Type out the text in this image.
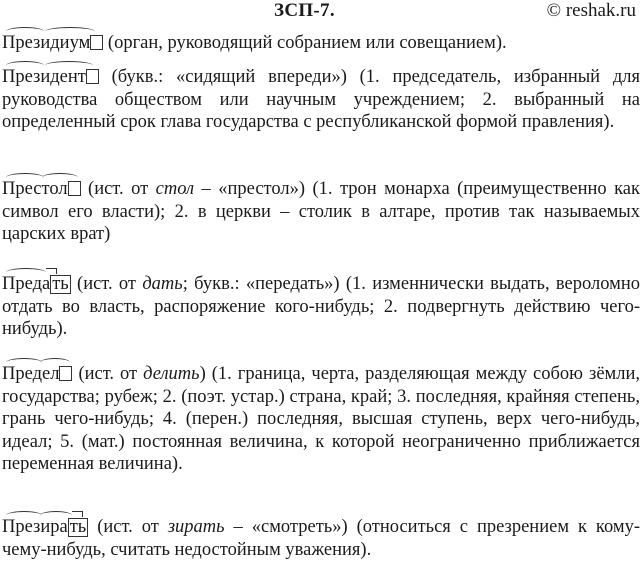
ЗСП-7.	© reshak.ru
Президиум (орган, руководящий собранием или совещанием).
Президент (букв.: «сидящий впереди») (1. председатель, избранный для руководства обществом или научным учреждением; 2. выбранный на определенный срок глава государства с республиканской формой правления).
Престол (ист. от стол – «престол») (1. трон монарха (преимущественно как символ его власти); 2. в церкви – столик в алтаре, против так называемых царских врат)
Преда ть (ист. от дать; букв.: «передать») (1. изменнически выдать, вероломно отдать во власть, распоряжение кого-нибудь; 2. подвергнуть действию чего-нибудь).
Предел (ист. от делить) (1. граница, черта, разделяющая между собою зёмли, государства; рубеж; 2. (поэт. устар.) страна, край; 3. последняя, крайняя степень, грань чего-нибудь; 4. (перен.) последняя, высшая ступень, верх чего-нибудь, идеал; 5. (мат.) постоянная величина, к которой неограниченно приближается переменная величина).
Презира ть (ист. от зирать – «смотреть») (относиться с презрением к кому-чему-нибудь, считать недостойным уважения).
